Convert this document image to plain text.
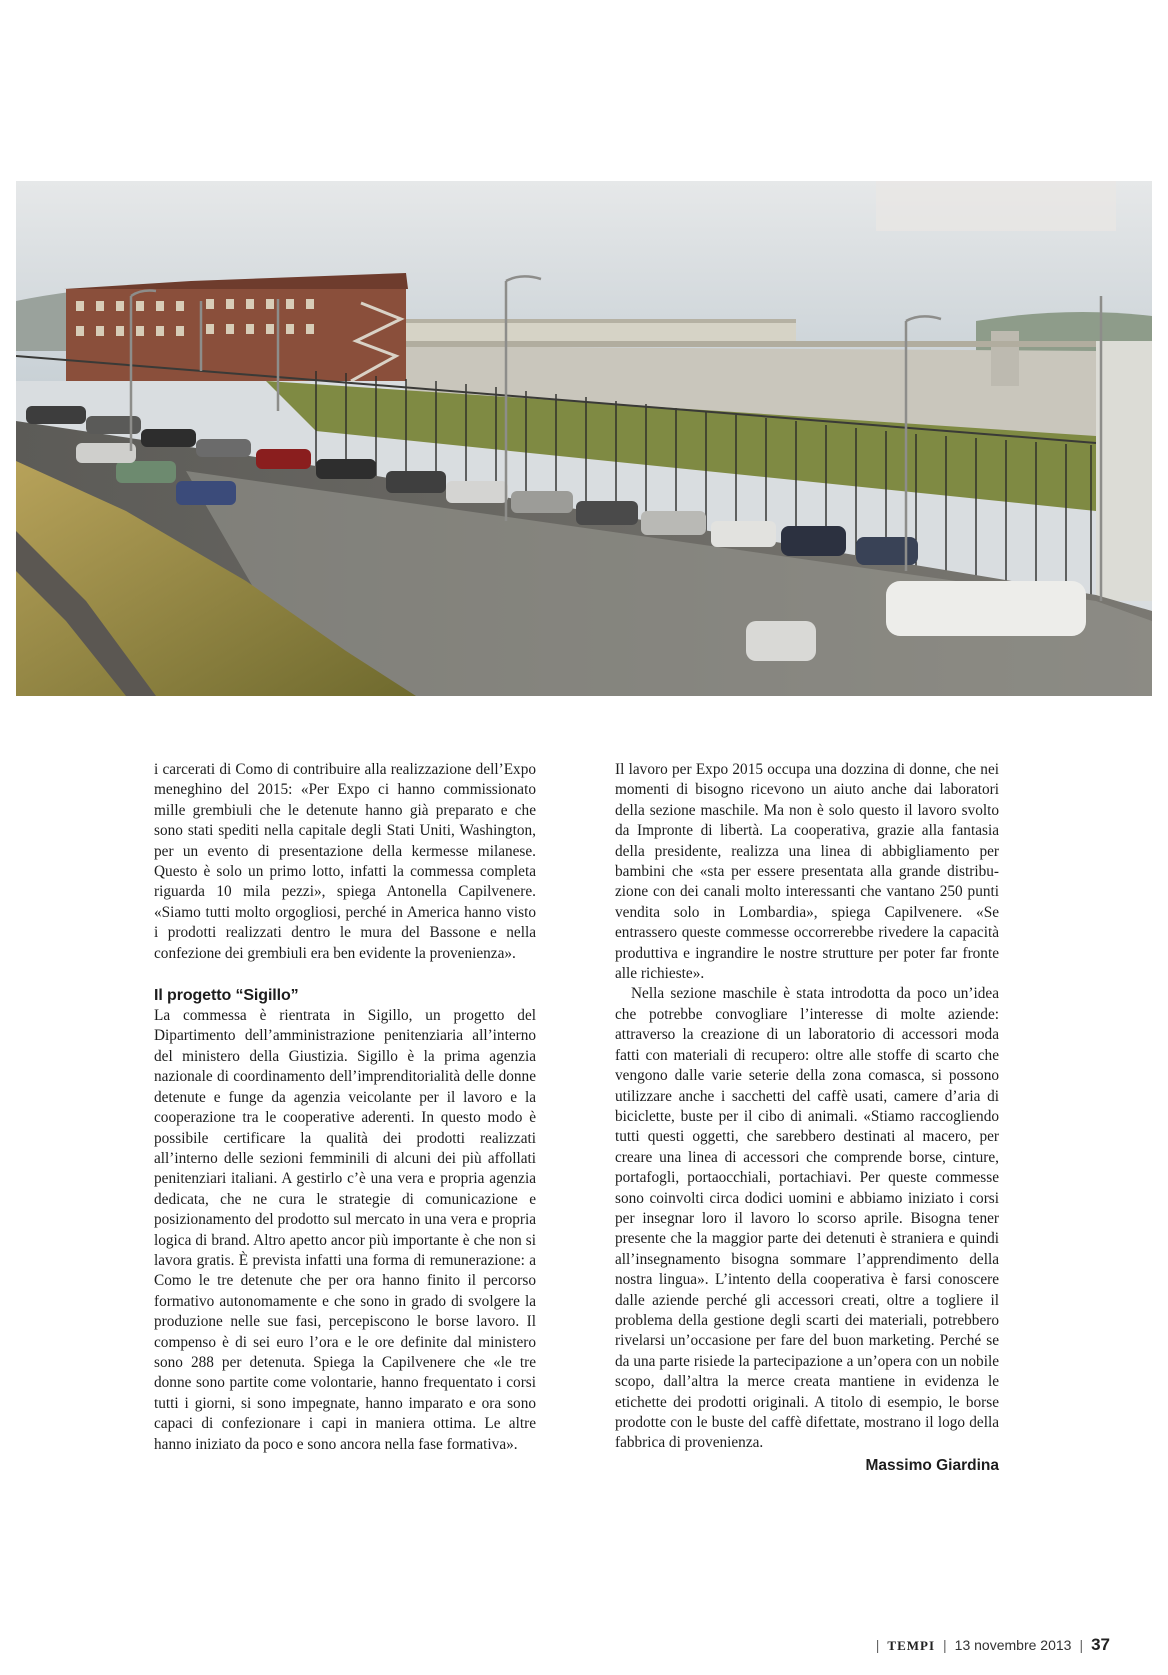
i carcerati di Como di contribuire alla realizzazione dell’Expo meneghino del 2015: «Per Expo ci hanno commissionato mille grembiuli che le detenute hanno già preparato e che sono stati spediti nella capitale degli Stati Uniti, Washington, per un evento di presentazione della kermesse milanese. Questo è solo un primo lotto, infatti la commessa completa riguarda 10 mila pezzi», spiega Antonella Capilvenere. «Siamo tutti molto orgogliosi, perché in America hanno visto i prodotti realizzati dentro le mura del Bassone e nella confezione dei grembiuli era ben evidente la provenienza».

Il progetto “Sigillo”

La commessa è rientrata in Sigillo, un progetto del Dipartimento dell’amministrazione penitenziaria all’interno del ministero della Giustizia. Sigillo è la prima agenzia nazionale di coordinamento dell’imprenditorialità delle donne detenute e funge da agenzia veicolante per il lavoro e la cooperazione tra le cooperative aderenti. In questo modo è possibile certificare la qualità dei prodotti realizzati all’interno delle sezioni femminili di alcuni dei più affollati penitenziari italiani. A gestirlo c’è una vera e propria agenzia dedicata, che ne cura le strategie di comunicazione e posizionamento del prodotto sul mercato in una vera e propria logica di brand. Altro apetto ancor più importante è che non si lavora gratis. È prevista infatti una forma di remunerazione: a Como le tre detenute che per ora hanno finito il percorso formativo autonomamente e che sono in grado di svolgere la produzione nelle sue fasi, percepiscono le borse lavoro. Il compenso è di sei euro l’ora e le ore definite dal ministero sono 288 per detenuta. Spiega la Capilvenere che «le tre donne sono partite come volontarie, hanno frequentato i corsi tutti i giorni, si sono impegnate, hanno imparato e ora sono capaci di confezionare i capi in maniera ottima. Le altre hanno iniziato da poco e sono ancora nella fase formativa».

Il lavoro per Expo 2015 occupa una dozzina di donne, che nei momenti di bisogno ricevono un aiuto anche dai laboratori della sezione maschile. Ma non è solo questo il lavoro svolto da Impronte di libertà. La cooperativa, grazie alla fantasia della presidente, realizza una linea di abbigliamento per bambini che «sta per essere presentata alla grande distribuzione con dei canali molto interessanti che vantano 250 punti vendita solo in Lombardia», spiega Capilvenere. «Se entrassero queste commesse occorrerebbe rivedere la capacità produttiva e ingrandire le nostre strutture per poter far fronte alle richieste».

Nella sezione maschile è stata introdotta da poco un’idea che potrebbe convogliare l’interesse di molte aziende: attraverso la creazione di un laboratorio di accessori moda fatti con materiali di recupero: oltre alle stoffe di scarto che vengono dalle varie seterie della zona comasca, si possono utilizzare anche i sacchetti del caffè usati, camere d’aria di biciclette, buste per il cibo di animali. «Stiamo raccogliendo tutti questi oggetti, che sarebbero destinati al macero, per creare una linea di accessori che comprende borse, cinture, portafogli, portaocchiali, portachiavi. Per queste commesse sono coinvolti circa dodici uomini e abbiamo iniziato i corsi per insegnar loro il lavoro lo scorso aprile. Bisogna tener presente che la maggior parte dei detenuti è straniera e quindi all’insegnamento bisogna sommare l’apprendimento della nostra lingua». L’intento della cooperativa è farsi conoscere dalle aziende perché gli accessori creati, oltre a togliere il problema della gestione degli scarti dei materiali, potrebbero rivelarsi un’occasione per fare del buon marketing. Perché se da una parte risiede la partecipazione a un’opera con un nobile scopo, dall’altra la merce creata mantiene in evidenza le etichette dei prodotti originali. A titolo di esempio, le borse prodotte con le buste del caffè difettate, mostrano il logo della fabbrica di provenienza.

Massimo Giardina
| TEMPI | 13 novembre 2013 | 37
